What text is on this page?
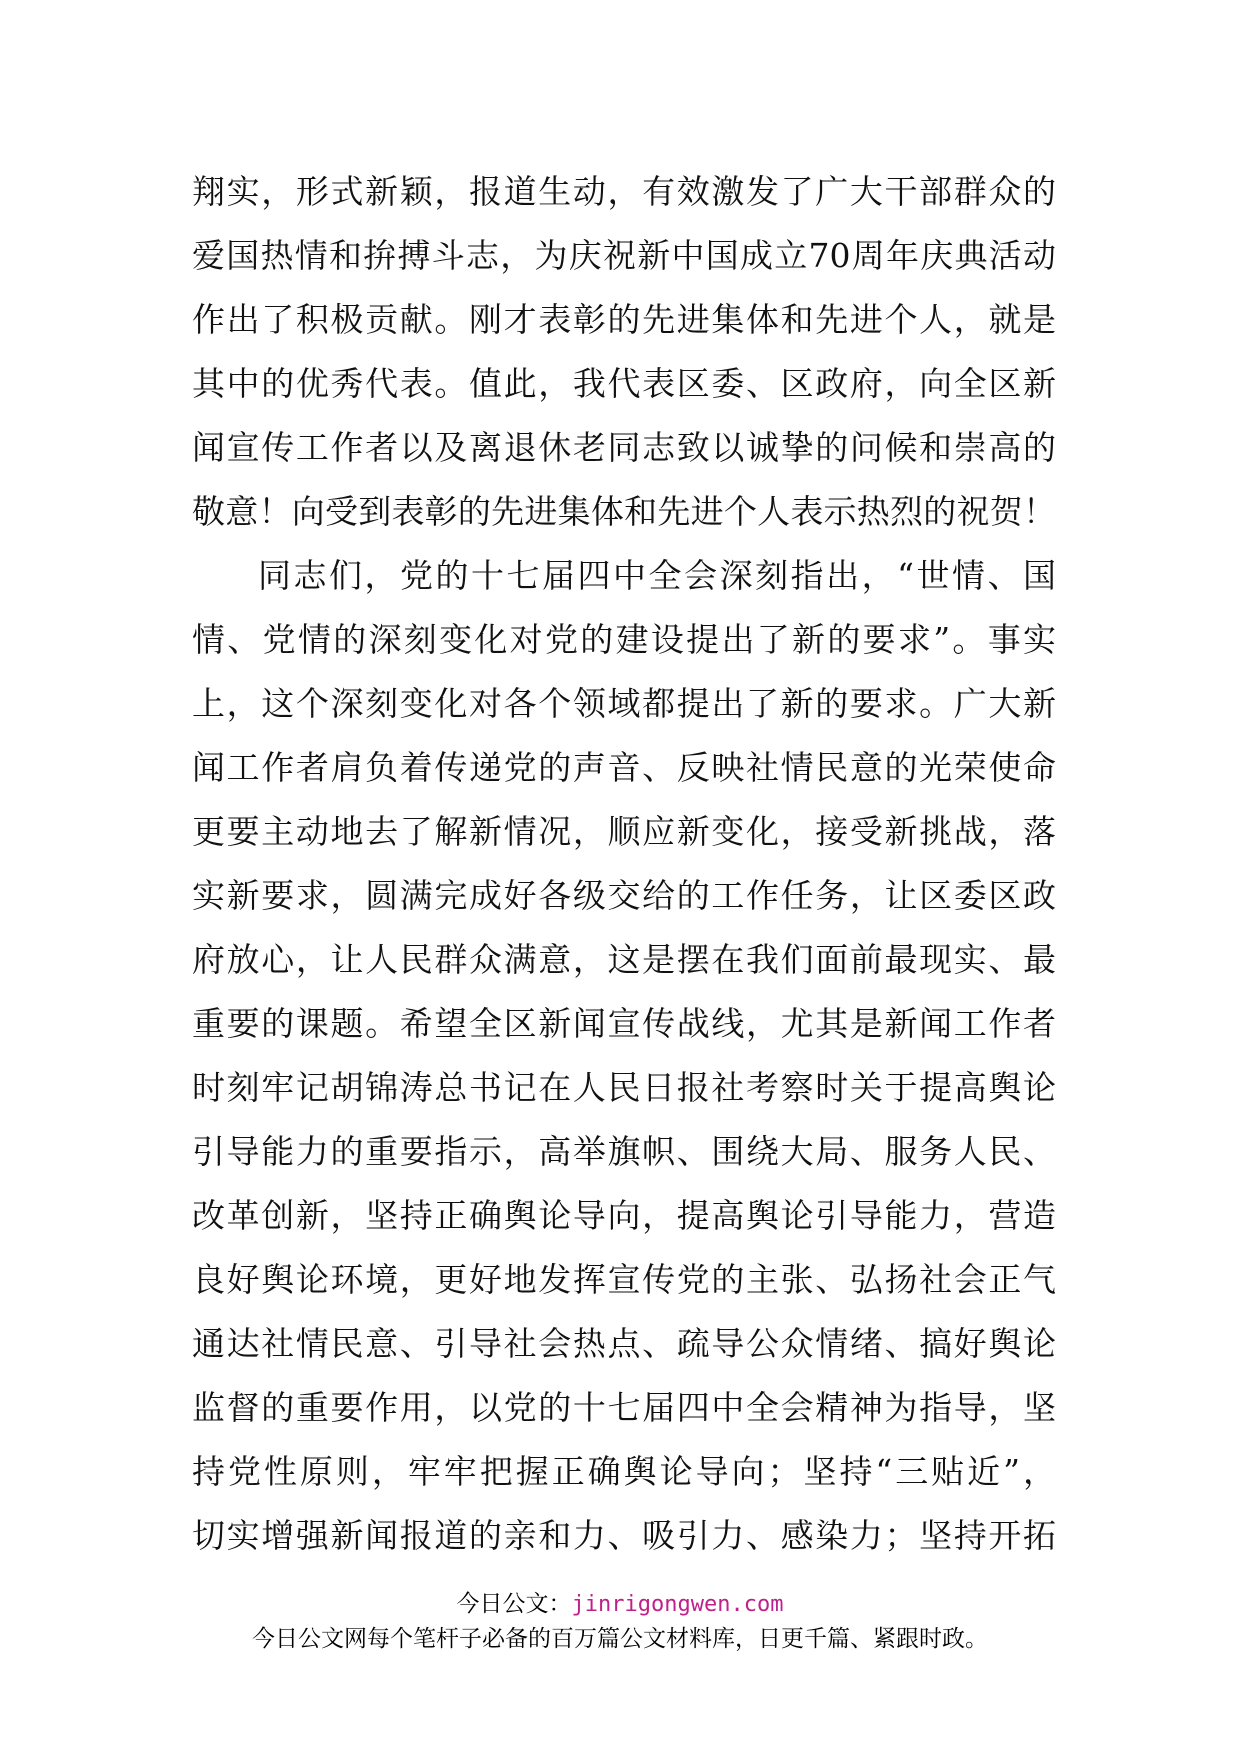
翔实，形式新颖，报道生动，有效激发了广大干部群众的
爱国热情和拚搏斗志，为庆祝新中国成立70周年庆典活动
作出了积极贡献。刚才表彰的先进集体和先进个人，就是
其中的优秀代表。值此，我代表区委、区政府，向全区新
闻宣传工作者以及离退休老同志致以诚挚的问候和崇高的
敬意！向受到表彰的先进集体和先进个人表示热烈的祝贺！
同志们，党的十七届四中全会深刻指出，“世情、国
情、党情的深刻变化对党的建设提出了新的要求”。事实
上，这个深刻变化对各个领域都提出了新的要求。广大新
闻工作者肩负着传递党的声音、反映社情民意的光荣使命
更要主动地去了解新情况，顺应新变化，接受新挑战，落
实新要求，圆满完成好各级交给的工作任务，让区委区政
府放心，让人民群众满意，这是摆在我们面前最现实、最
重要的课题。希望全区新闻宣传战线，尤其是新闻工作者
时刻牢记胡锦涛总书记在人民日报社考察时关于提高舆论
引导能力的重要指示，高举旗帜、围绕大局、服务人民、
改革创新，坚持正确舆论导向，提高舆论引导能力，营造
良好舆论环境，更好地发挥宣传党的主张、弘扬社会正气
通达社情民意、引导社会热点、疏导公众情绪、搞好舆论
监督的重要作用，以党的十七届四中全会精神为指导，坚
持党性原则，牢牢把握正确舆论导向；坚持“三贴近”，
切实增强新闻报道的亲和力、吸引力、感染力；坚持开拓
今日公文：jinrigongwen.com
今日公文网每个笔杆子必备的百万篇公文材料库，日更千篇、紧跟时政。
